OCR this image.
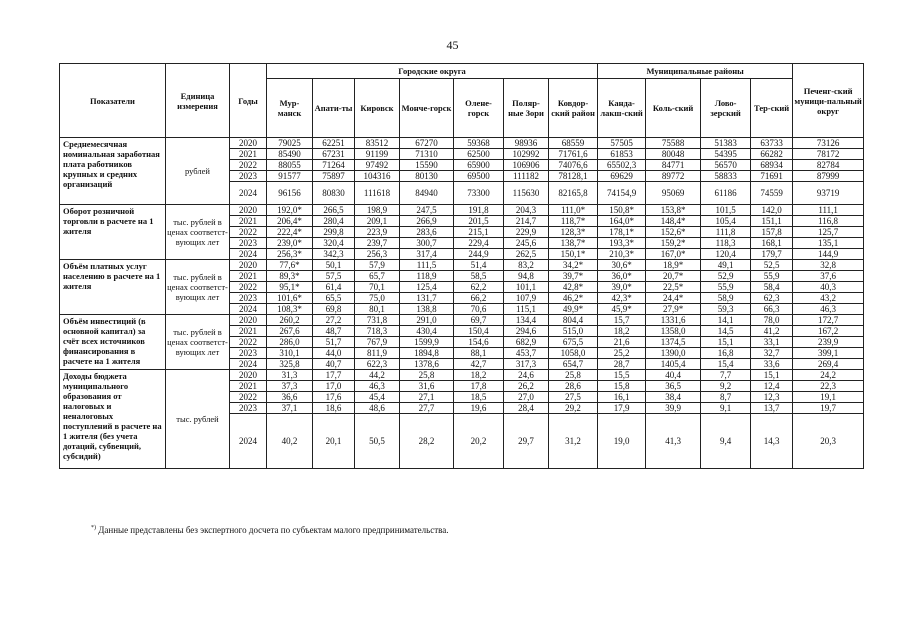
45
Показатели	Единица измерения	Годы	Городские округа							Муниципальные районы				Печенг-ский муници-пальный округ
			Мур-манск	Апати-ты	Кировск	Монче-горск	Олене-горск	Поляр-ные Зори	Ковдор-ский район	Канда-лакш-ский	Коль-ский	Лово-зерский	Тер-ский	
Среднемесячная номинальная заработная плата работников крупных и средних организаций	рублей	2020	79025	62251	83512	67270	59368	98936	68559	57505	75588	51383	63733	73126
		2021	85490	67231	91199	71310	62500	102992	71761,6	61853	80048	54395	66282	78172
		2022	88055	71264	97492	15590	65900	106906	74076,6	65502,3	84771	56570	68934	82784
		2023	91577	75897	104316	80130	69500	111182	78128,1	69629	89772	58833	71691	87999
		2024	96156	80830	111618	84940	73300	115630	82165,8	74154,9	95069	61186	74559	93719
Оборот розничной торговли в расчете на 1 жителя	тыс. рублей в ценах соответст-вующих лет	2020	192,0*	266,5	198,9	247,5	191,8	204,3	111,0*	150,8*	153,8*	101,5	142,0	111,1
		2021	206,4*	280,4	209,1	266,9	201,5	214,7	118,7*	164,0*	148,4*	105,4	151,1	116,8
		2022	222,4*	299,8	223,9	283,6	215,1	229,9	128,3*	178,1*	152,6*	111,8	157,8	125,7
		2023	239,0*	320,4	239,7	300,7	229,4	245,6	138,7*	193,3*	159,2*	118,3	168,1	135,1
		2024	256,3*	342,3	256,3	317,4	244,9	262,5	150,1*	210,3*	167,0*	120,4	179,7	144,9
Объём платных услуг населению в расчете на 1 жителя	тыс. рублей в ценах соответст-вующих лет	2020	77,6*	50,1	57,9	111,5	51,4	83,2	34,2*	30,6*	18,9*	49,1	52,5	32,8
		2021	89,3*	57,5	65,7	118,9	58,5	94,8	39,7*	36,0*	20,7*	52,9	55,9	37,6
		2022	95,1*	61,4	70,1	125,4	62,2	101,1	42,8*	39,0*	22,5*	55,9	58,4	40,3
		2023	101,6*	65,5	75,0	131,7	66,2	107,9	46,2*	42,3*	24,4*	58,9	62,3	43,2
		2024	108,3*	69,8	80,1	138,8	70,6	115,1	49,9*	45,9*	27,9*	59,3	66,3	46,3
Объём инвестиций (в основной капитал) за счёт всех источников финансирования в расчете на 1 жителя	тыс. рублей в ценах соответст-вующих лет	2020	260,2	27,2	731,8	291,0	69,7	134,4	804,4	15,7	1331,6	14,1	78,0	172,7
		2021	267,6	48,7	718,3	430,4	150,4	294,6	515,0	18,2	1358,0	14,5	41,2	167,2
		2022	286,0	51,7	767,9	1599,9	154,6	682,9	675,5	21,6	1374,5	15,1	33,1	239,9
		2023	310,1	44,0	811,9	1894,8	88,1	453,7	1058,0	25,2	1390,0	16,8	32,7	399,1
		2024	325,8	40,7	622,3	1378,6	42,7	317,3	654,7	28,7	1405,4	15,4	33,6	269,4
Доходы бюджета муниципального образования от налоговых и неналоговых поступлений в расчете на 1 жителя (без учета дотаций, субвенций, субсидий)	тыс. рублей	2020	31,3	17,7	44,2	25,8	18,2	24,6	25,8	15,5	40,4	7,7	15,1	24,2
		2021	37,3	17,0	46,3	31,6	17,8	26,2	28,6	15,8	36,5	9,2	12,4	22,3
		2022	36,6	17,6	45,4	27,1	18,5	27,0	27,5	16,1	38,4	8,7	12,3	19,1
		2023	37,1	18,6	48,6	27,7	19,6	28,4	29,2	17,9	39,9	9,1	13,7	19,7
		2024	40,2	20,1	50,5	28,2	20,2	29,7	31,2	19,0	41,3	9,4	14,3	20,3
*) Данные представлены без экспертного досчета по субъектам малого предпринимательства.
